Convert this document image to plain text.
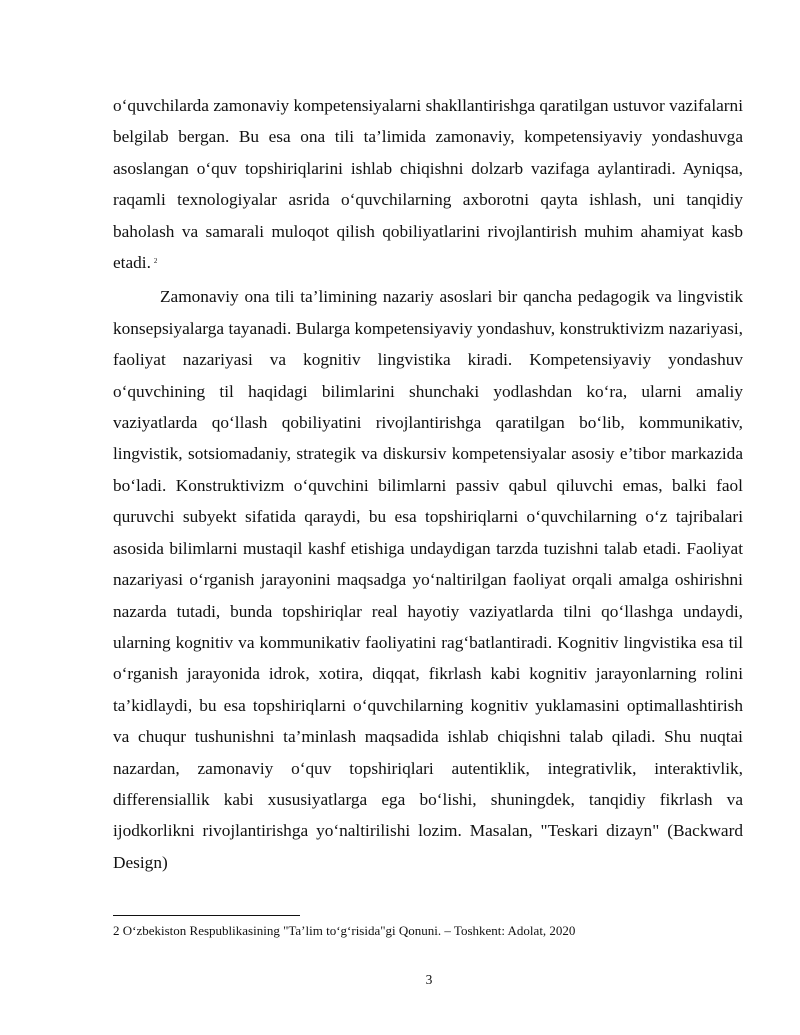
o‘quvchilarda zamonaviy kompetensiyalarni shakllantirishga qaratilgan ustuvor vazifalarni belgilab bergan. Bu esa ona tili ta’limida zamonaviy, kompetensiyaviy yondashuvga asoslangan o‘quv topshiriqlarini ishlab chiqishni dolzarb vazifaga aylantiradi. Ayniqsa, raqamli texnologiyalar asrida o‘quvchilarning axborotni qayta ishlash, uni tanqidiy baholash va samarali muloqot qilish qobiliyatlarini rivojlantirish muhim ahamiyat kasb etadi. $^2$

Zamonaviy ona tili ta’limining nazariy asoslari bir qancha pedagogik va lingvistik konsepsiyalarga tayanadi. Bularga kompetensiyaviy yondashuv, konstruktivizm nazariyasi, faoliyat nazariyasi va kognitiv lingvistika kiradi. Kompetensiyaviy yondashuv o‘quvchining til haqidagi bilimlarini shunchaki yodlashdan ko‘ra, ularni amaliy vaziyatlarda qo‘llash qobiliyatini rivojlantirishga qaratilgan bo‘lib, kommunikativ, lingvistik, sotsiomadaniy, strategik va diskursiv kompetensiyalar asosiy e’tibor markazida bo‘ladi. Konstruktivizm o‘quvchini bilimlarni passiv qabul qiluvchi emas, balki faol quruvchi subyekt sifatida qaraydi, bu esa topshiriqlarni o‘quvchilarning o‘z tajribalari asosida bilimlarni mustaqil kashf etishiga undaydigan tarzda tuzishni talab etadi. Faoliyat nazariyasi o‘rganish jarayonini maqsadga yo‘naltirilgan faoliyat orqali amalga oshirishni nazarda tutadi, bunda topshiriqlar real hayotiy vaziyatlarda tilni qo‘llashga undaydi, ularning kognitiv va kommunikativ faoliyatini rag‘batlantiradi. Kognitiv lingvistika esa til o‘rganish jarayonida idrok, xotira, diqqat, fikrlash kabi kognitiv jarayonlarning rolini ta’kidlaydi, bu esa topshiriqlarni o‘quvchilarning kognitiv yuklamasini optimallashtirish va chuqur tushunishni ta’minlash maqsadida ishlab chiqishni talab qiladi. Shu nuqtai nazardan, zamonaviy o‘quv topshiriqlari autentiklik, integrativlik, interaktivlik, differensiallik kabi xususiyatlarga ega bo‘lishi, shuningdek, tanqidiy fikrlash va ijodkorlikni rivojlantirishga yo‘naltirilishi lozim. Masalan, "Teskari dizayn" (Backward Design)

2 O‘zbekiston Respublikasining "Ta’lim to‘g‘risida"gi Qonuni. – Toshkent: Adolat, 2020
3
